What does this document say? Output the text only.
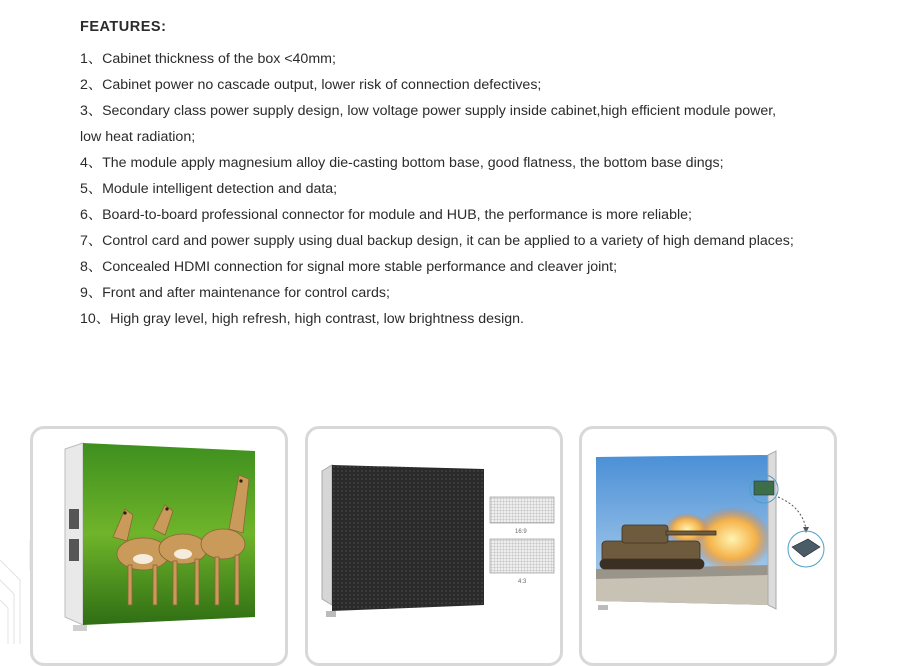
FEATURES:
1、Cabinet thickness of the box <40mm;
2、Cabinet power no cascade output, lower risk of connection defectives;
3、Secondary class power supply design, low voltage power supply inside cabinet,high efficient module power,
low heat radiation;
4、The module apply magnesium alloy die-casting bottom base, good flatness, the bottom base dings;
5、Module intelligent detection and data;
6、Board-to-board professional connector for module and HUB, the performance is more reliable;
7、Control card and power supply using dual backup design, it can be applied to a variety of high demand places;
8、Concealed HDMI connection for signal more stable performance and cleaver joint;
9、Front and after maintenance for control cards;
10、High gray level, high refresh, high contrast, low brightness design.
16:9
4:3
